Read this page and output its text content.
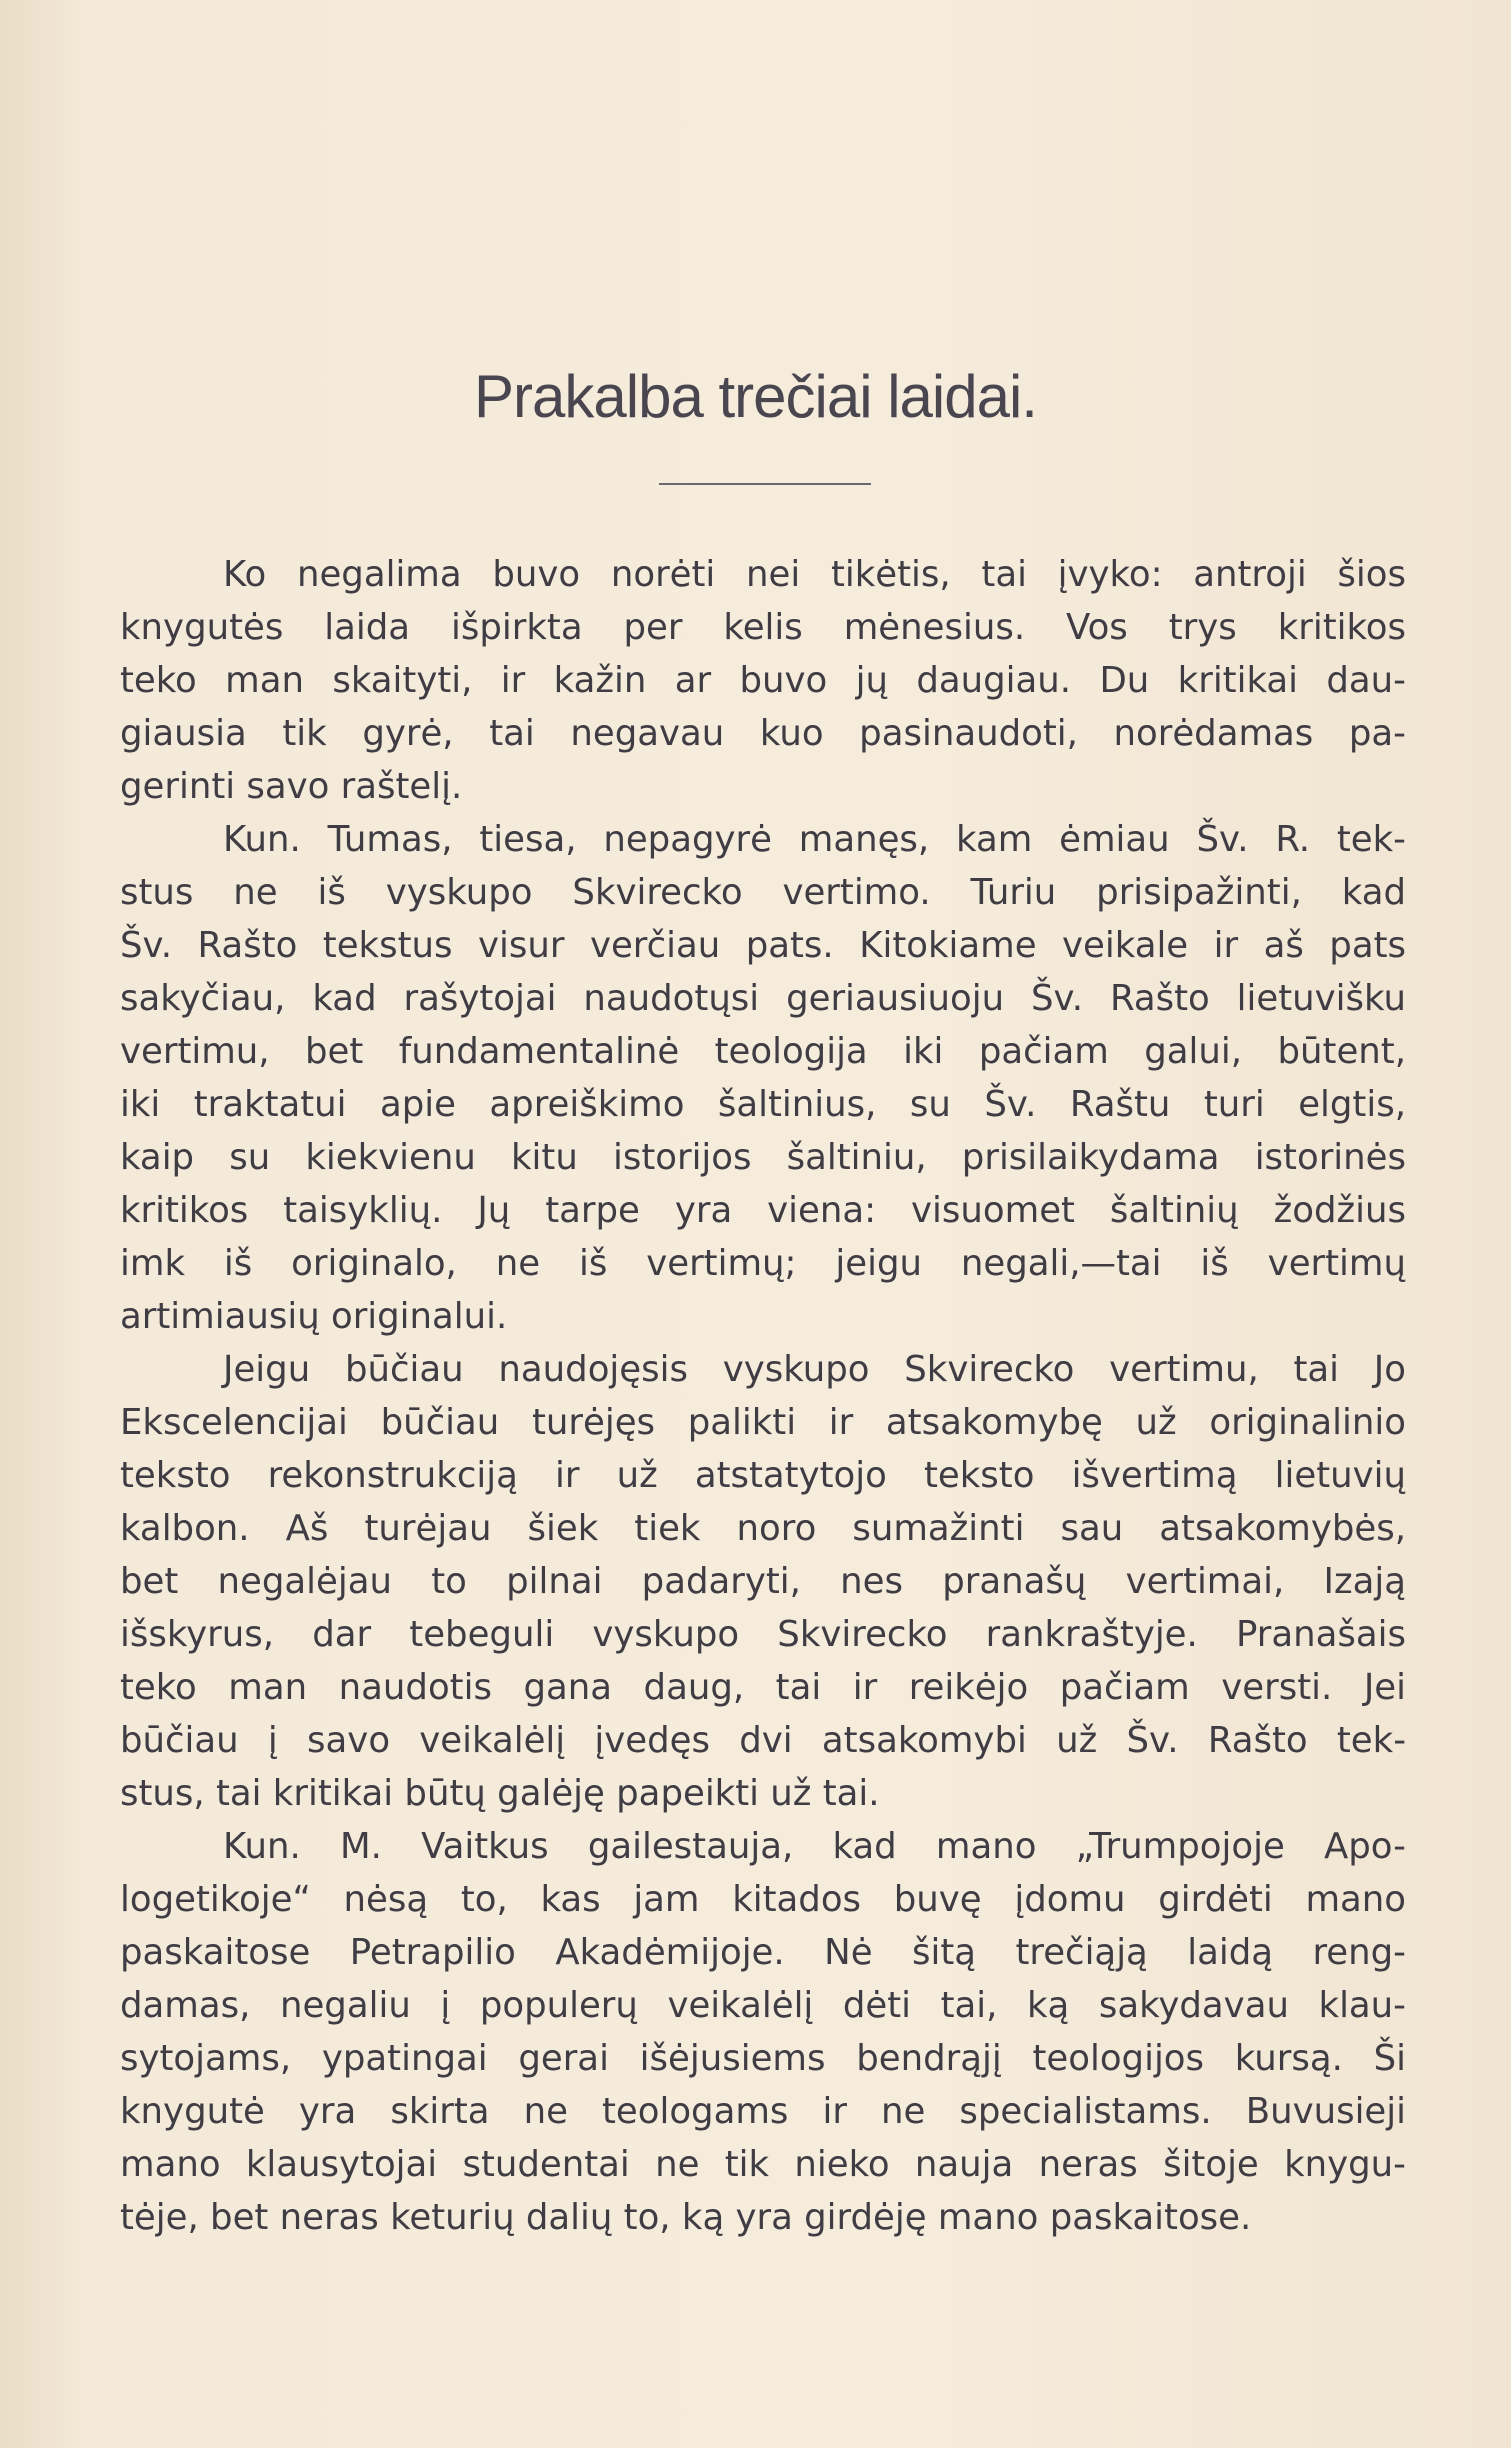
Prakalba trečiai laidai.

Ko negalima buvo norėti nei tikėtis, tai įvyko: antroji šios
knygutės laida išpirkta per kelis mėnesius. Vos trys kritikos
teko man skaityti, ir kažin ar buvo jų daugiau. Du kritikai dau-
giausia tik gyrė, tai negavau kuo pasinaudoti, norėdamas pa-
gerinti savo raštelį.

Kun. Tumas, tiesa, nepagyrė manęs, kam ėmiau Šv. R. tek-
stus ne iš vyskupo Skvirecko vertimo. Turiu prisipažinti, kad
Šv. Rašto tekstus visur verčiau pats. Kitokiame veikale ir aš pats
sakyčiau, kad rašytojai naudotųsi geriausiuoju Šv. Rašto lietuvišku
vertimu, bet fundamentalinė teologija iki pačiam galui, būtent,
iki traktatui apie apreiškimo šaltinius, su Šv. Raštu turi elgtis,
kaip su kiekvienu kitu istorijos šaltiniu, prisilaikydama istorinės
kritikos taisyklių. Jų tarpe yra viena: visuomet šaltinių žodžius
imk iš originalo, ne iš vertimų; jeigu negali,—tai iš vertimų
artimiausių originalui.

Jeigu būčiau naudojęsis vyskupo Skvirecko vertimu, tai Jo
Ekscelencijai būčiau turėjęs palikti ir atsakomybę už originalinio
teksto rekonstrukciją ir už atstatytojo teksto išvertimą lietuvių
kalbon. Aš turėjau šiek tiek noro sumažinti sau atsakomybės,
bet negalėjau to pilnai padaryti, nes pranašų vertimai, Izają
išskyrus, dar tebeguli vyskupo Skvirecko rankraštyje. Pranašais
teko man naudotis gana daug, tai ir reikėjo pačiam versti. Jei
būčiau į savo veikalėlį įvedęs dvi atsakomybi už Šv. Rašto tek-
stus, tai kritikai būtų galėję papeikti už tai.

Kun. M. Vaitkus gailestauja, kad mano „Trumpojoje Apo-
logetikoje“ nėsą to, kas jam kitados buvę įdomu girdėti mano
paskaitose Petrapilio Akadėmijoje. Nė šitą trečiąją laidą reng-
damas, negaliu į populerų veikalėlį dėti tai, ką sakydavau klau-
sytojams, ypatingai gerai išėjusiems bendrąjį teologijos kursą. Ši
knygutė yra skirta ne teologams ir ne specialistams. Buvusieji
mano klausytojai studentai ne tik nieko nauja neras šitoje knygu-
tėje, bet neras keturių dalių to, ką yra girdėję mano paskaitose.
